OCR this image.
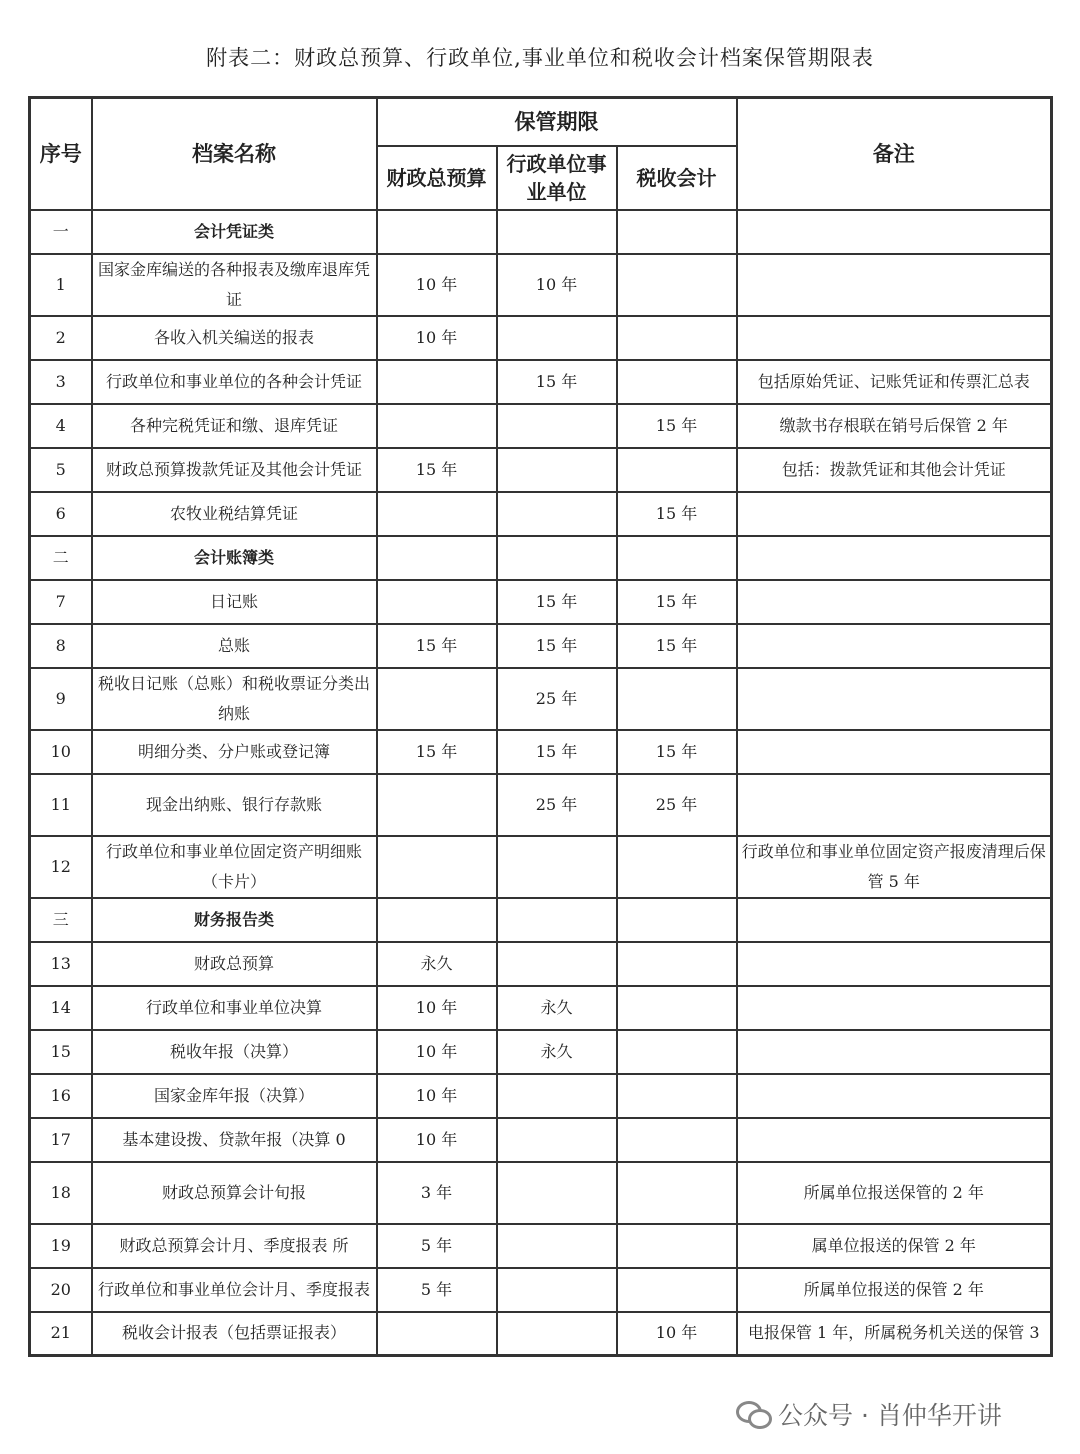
附表二：财政总预算、行政单位,事业单位和税收会计档案保管期限表
序号	档案名称	保管期限			备注
		财政总预算	行政单位事业单位	税收会计	
一	会计凭证类				
1	国家金库编送的各种报表及缴库退库凭证	10 年	10 年		
2	各收入机关编送的报表	10 年			
3	行政单位和事业单位的各种会计凭证		15 年		包括原始凭证、记账凭证和传票汇总表
4	各种完税凭证和缴、退库凭证			15 年	缴款书存根联在销号后保管 2 年
5	财政总预算拨款凭证及其他会计凭证	15 年			包括：拨款凭证和其他会计凭证
6	农牧业税结算凭证			15 年	
二	会计账簿类				
7	日记账		15 年	15 年	
8	总账	15 年	15 年	15 年	
9	税收日记账（总账）和税收票证分类出纳账		25 年		
10	明细分类、分户账或登记簿	15 年	15 年	15 年	
11	现金出纳账、银行存款账		25 年	25 年	
12	行政单位和事业单位固定资产明细账（卡片）				行政单位和事业单位固定资产报废清理后保管 5 年
三	财务报告类				
13	财政总预算	永久			
14	行政单位和事业单位决算	10 年	永久		
15	税收年报（决算）	10 年	永久		
16	国家金库年报（决算）	10 年			
17	基本建设拨、贷款年报（决算 0	10 年			
18	财政总预算会计旬报	3 年			所属单位报送保管的 2 年
19	财政总预算会计月、季度报表 所	5 年			属单位报送的保管 2 年
20	行政单位和事业单位会计月、季度报表	5 年			所属单位报送的保管 2 年
21	税收会计报表（包括票证报表）			10 年	电报保管 1 年，所属税务机关送的保管 3
公众号 · 肖仲华开讲
